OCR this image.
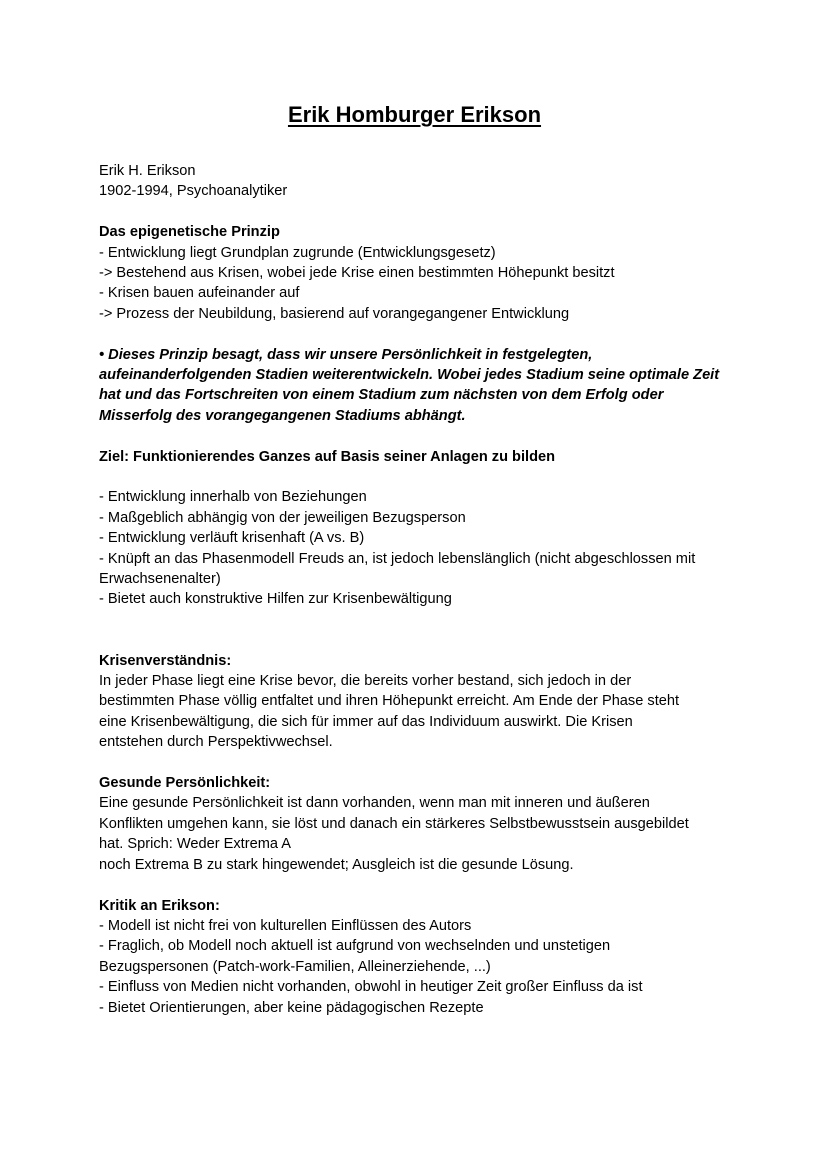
Erik Homburger Erikson
Erik H. Erikson
1902-1994, Psychoanalytiker
Das epigenetische Prinzip
- Entwicklung liegt Grundplan zugrunde (Entwicklungsgesetz)
-> Bestehend aus Krisen, wobei jede Krise einen bestimmten Höhepunkt besitzt
- Krisen bauen aufeinander auf
-> Prozess der Neubildung, basierend auf vorangegangener Entwicklung
• Dieses Prinzip besagt, dass wir unsere Persönlichkeit in festgelegten,
aufeinanderfolgenden Stadien weiterentwickeln. Wobei jedes Stadium seine optimale Zeit
hat und das Fortschreiten von einem Stadium zum nächsten von dem Erfolg oder
Misserfolg des vorangegangenen Stadiums abhängt.
Ziel: Funktionierendes Ganzes auf Basis seiner Anlagen zu bilden
- Entwicklung innerhalb von Beziehungen
- Maßgeblich abhängig von der jeweiligen Bezugsperson
- Entwicklung verläuft krisenhaft (A vs. B)
- Knüpft an das Phasenmodell Freuds an, ist jedoch lebenslänglich (nicht abgeschlossen mit
Erwachsenenalter)
- Bietet auch konstruktive Hilfen zur Krisenbewältigung
Krisenverständnis:
In jeder Phase liegt eine Krise bevor, die bereits vorher bestand, sich jedoch in der
bestimmten Phase völlig entfaltet und ihren Höhepunkt erreicht. Am Ende der Phase steht
eine Krisenbewältigung, die sich für immer auf das Individuum auswirkt. Die Krisen
entstehen durch Perspektivwechsel.
Gesunde Persönlichkeit:
Eine gesunde Persönlichkeit ist dann vorhanden, wenn man mit inneren und äußeren
Konflikten umgehen kann, sie löst und danach ein stärkeres Selbstbewusstsein ausgebildet
hat. Sprich: Weder Extrema A
noch Extrema B zu stark hingewendet; Ausgleich ist die gesunde Lösung.
Kritik an Erikson:
- Modell ist nicht frei von kulturellen Einflüssen des Autors
- Fraglich, ob Modell noch aktuell ist aufgrund von wechselnden und unstetigen
Bezugspersonen (Patch-work-Familien, Alleinerziehende, ...)
- Einfluss von Medien nicht vorhanden, obwohl in heutiger Zeit großer Einfluss da ist
- Bietet Orientierungen, aber keine pädagogischen Rezepte
